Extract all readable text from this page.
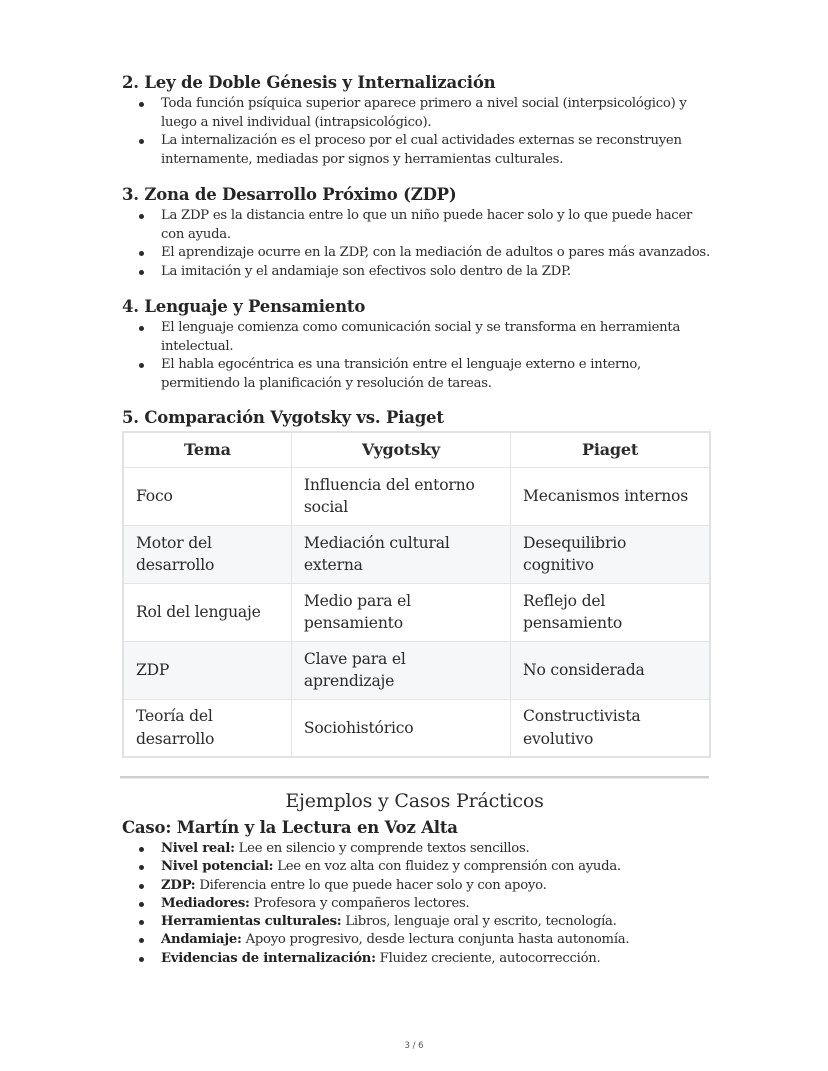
2. Ley de Doble Génesis y Internalización
Toda función psíquica superior aparece primero a nivel social (interpsicológico) y luego a nivel individual (intrapsicológico).
La internalización es el proceso por el cual actividades externas se reconstruyen internamente, mediadas por signos y herramientas culturales.
3. Zona de Desarrollo Próximo (ZDP)
La ZDP es la distancia entre lo que un niño puede hacer solo y lo que puede hacer con ayuda.
El aprendizaje ocurre en la ZDP, con la mediación de adultos o pares más avanzados.
La imitación y el andamiaje son efectivos solo dentro de la ZDP.
4. Lenguaje y Pensamiento
El lenguaje comienza como comunicación social y se transforma en herramienta intelectual.
El habla egocéntrica es una transición entre el lenguaje externo e interno, permitiendo la planificación y resolución de tareas.
5. Comparación Vygotsky vs. Piaget
Tema	Vygotsky	Piaget
Foco	Influencia del entorno social	Mecanismos internos
Motor del desarrollo	Mediación cultural externa	Desequilibrio cognitivo
Rol del lenguaje	Medio para el pensamiento	Reflejo del pensamiento
ZDP	Clave para el aprendizaje	No considerada
Teoría del desarrollo	Sociohistórico	Constructivista evolutivo
Ejemplos y Casos Prácticos
Caso: Martín y la Lectura en Voz Alta
Nivel real: Lee en silencio y comprende textos sencillos.
Nivel potencial: Lee en voz alta con fluidez y comprensión con ayuda.
ZDP: Diferencia entre lo que puede hacer solo y con apoyo.
Mediadores: Profesora y compañeros lectores.
Herramientas culturales: Libros, lenguaje oral y escrito, tecnología.
Andamiaje: Apoyo progresivo, desde lectura conjunta hasta autonomía.
Evidencias de internalización: Fluidez creciente, autocorrección.
3 / 6
